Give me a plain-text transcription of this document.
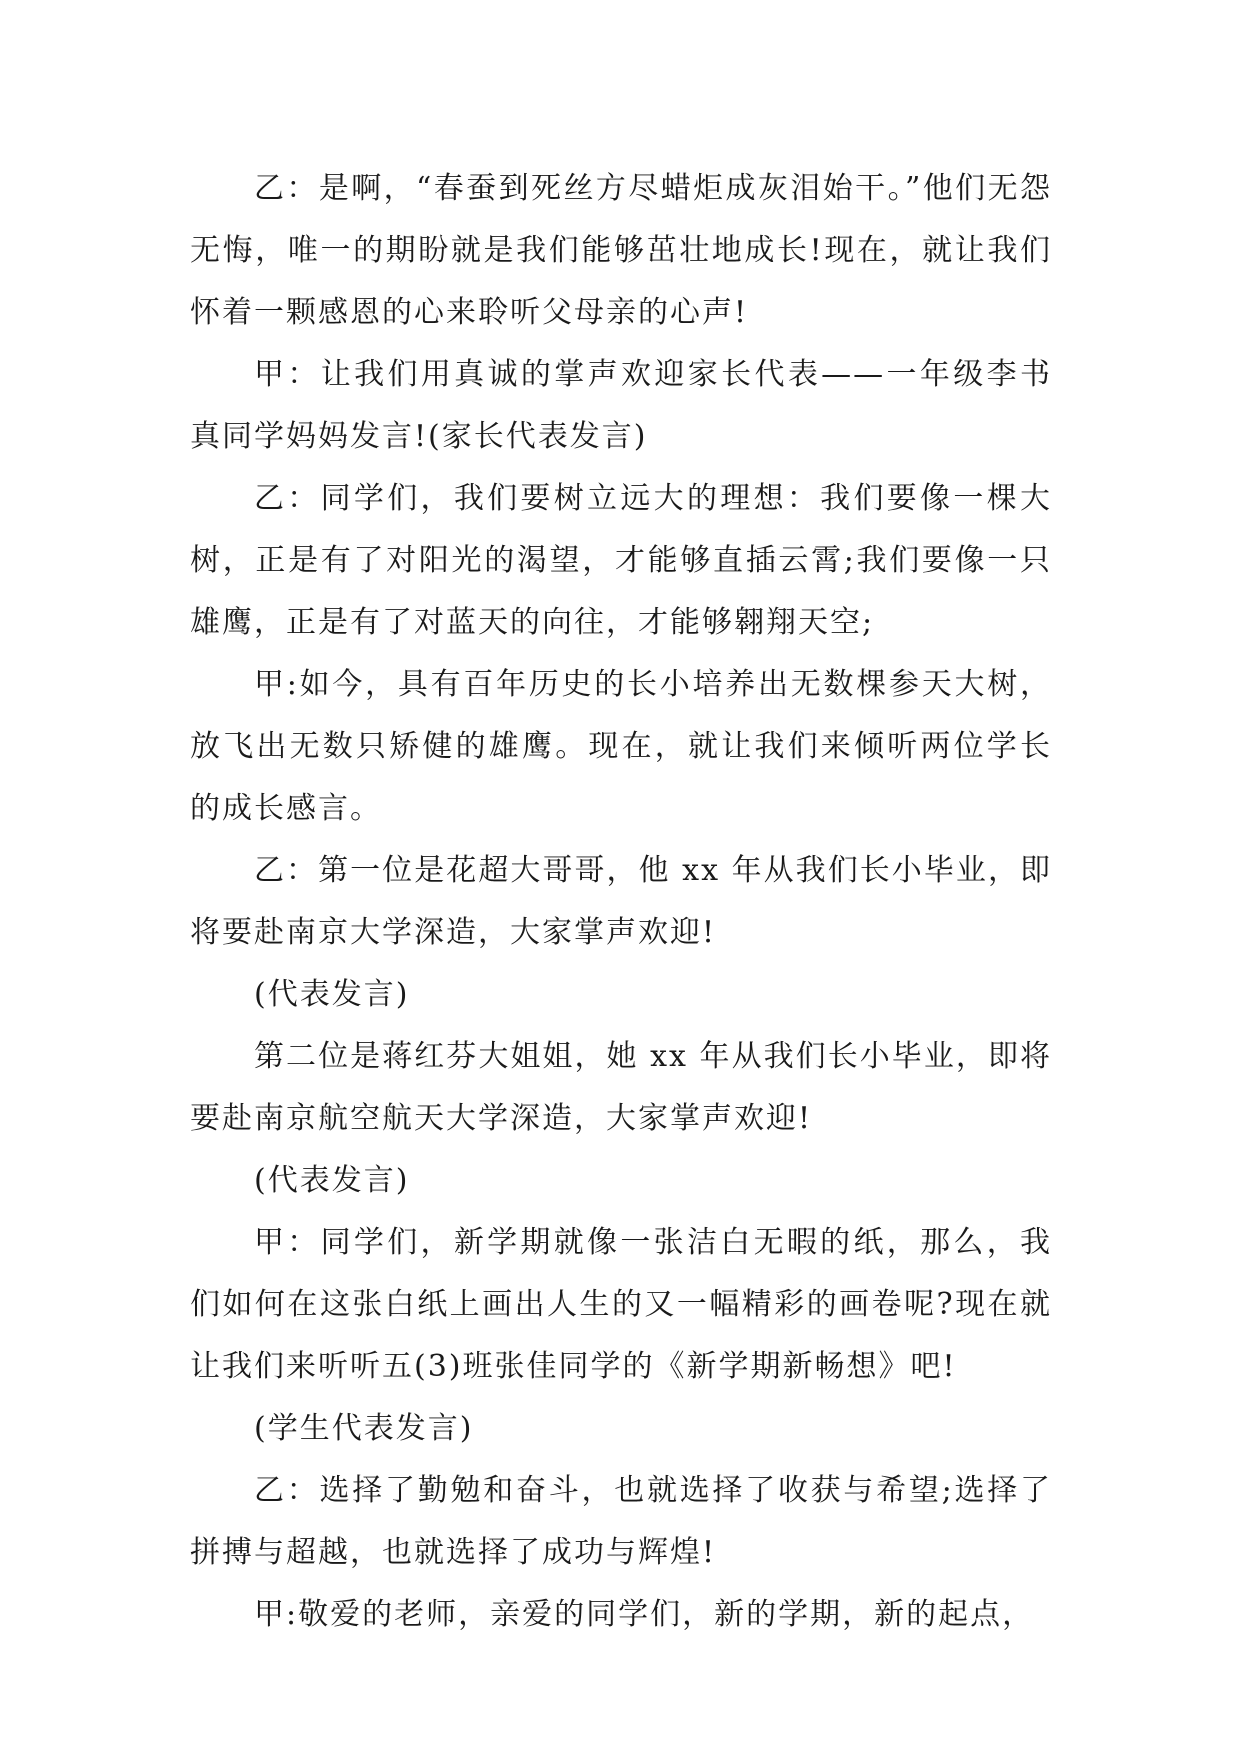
乙：是啊，“春蚕到死丝方尽蜡炬成灰泪始干。”他们无怨无悔，唯一的期盼就是我们能够茁壮地成长!现在，就让我们怀着一颗感恩的心来聆听父母亲的心声!

甲：让我们用真诚的掌声欢迎家长代表——一年级李书真同学妈妈发言!(家长代表发言)

乙：同学们，我们要树立远大的理想：我们要像一棵大树，正是有了对阳光的渴望，才能够直插云霄;我们要像一只雄鹰，正是有了对蓝天的向往，才能够翱翔天空;

甲:如今，具有百年历史的长小培养出无数棵参天大树，放飞出无数只矫健的雄鹰。现在，就让我们来倾听两位学长的成长感言。

乙：第一位是花超大哥哥，他 xx 年从我们长小毕业，即将要赴南京大学深造，大家掌声欢迎!

(代表发言)

第二位是蒋红芬大姐姐，她 xx 年从我们长小毕业，即将要赴南京航空航天大学深造，大家掌声欢迎!

(代表发言)

甲：同学们，新学期就像一张洁白无暇的纸，那么，我们如何在这张白纸上画出人生的又一幅精彩的画卷呢?现在就让我们来听听五(3)班张佳同学的《新学期新畅想》吧!

(学生代表发言)

乙：选择了勤勉和奋斗，也就选择了收获与希望;选择了拼搏与超越，也就选择了成功与辉煌!

甲:敬爱的老师，亲爱的同学们，新的学期，新的起点，
